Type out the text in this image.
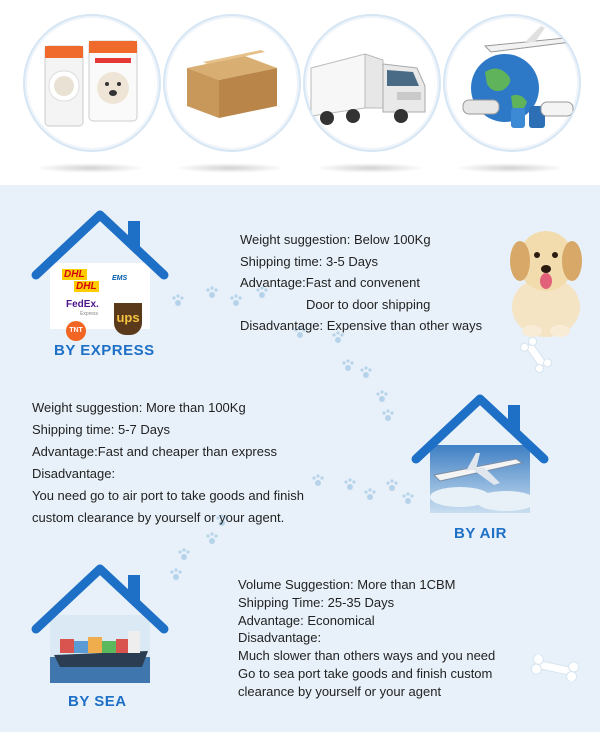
DHL
DHL
EMS
FedEx.
Express
TNT
ups
BY EXPRESS
Weight suggestion: Below 100Kg
Shipping time: 3-5 Days
Advantage:Fast and convenent
Door to door shipping
Disadvantage: Expensive than other ways
Weight suggestion: More than 100Kg
Shipping time: 5-7 Days
Advantage:Fast and cheaper than express
Disadvantage:
You need go to air port to take goods and finish
custom clearance by yourself or your agent.
BY AIR
BY SEA
Volume Suggestion: More than 1CBM
Shipping Time: 25-35 Days
Advantage: Economical
Disadvantage:
Much slower than others ways and you need
Go to sea port take goods and finish custom
clearance by yourself or your agent
